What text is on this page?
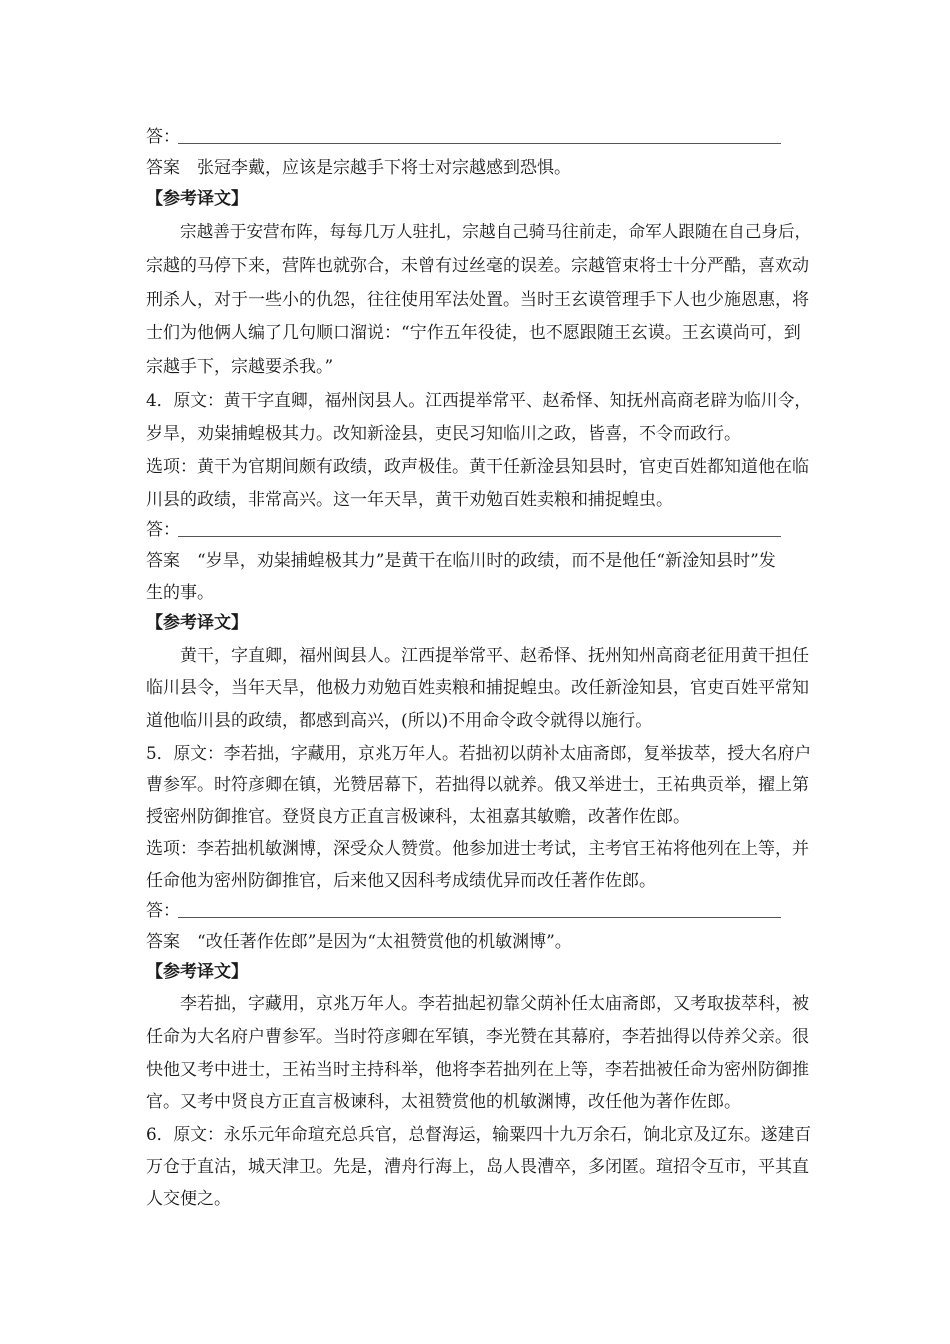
答：
答案　张冠李戴，应该是宗越手下将士对宗越感到恐惧。
【参考译文】
宗越善于安营布阵，每每几万人驻扎，宗越自己骑马往前走，命军人跟随在自己身后，
宗越的马停下来，营阵也就弥合，未曾有过丝毫的误差。宗越管束将士十分严酷，喜欢动
刑杀人，对于一些小的仇怨，往往使用军法处置。当时王玄谟管理手下人也少施恩惠，将
士们为他俩人编了几句顺口溜说：“宁作五年役徒，也不愿跟随王玄谟。王玄谟尚可，到
宗越手下，宗越要杀我。”
4．原文：黄干字直卿，福州闵县人。江西提举常平、赵希怿、知抚州高商老辟为临川令，
岁旱，劝粜捕蝗极其力。改知新淦县，吏民习知临川之政，皆喜，不令而政行。
选项：黄干为官期间颇有政绩，政声极佳。黄干任新淦县知县时，官吏百姓都知道他在临
川县的政绩，非常高兴。这一年天旱，黄干劝勉百姓卖粮和捕捉蝗虫。
答：
答案　“岁旱，劝粜捕蝗极其力”是黄干在临川时的政绩，而不是他任“新淦知县时”发
生的事。
【参考译文】
黄干，字直卿，福州闽县人。江西提举常平、赵希怿、抚州知州高商老征用黄干担任
临川县令，当年天旱，他极力劝勉百姓卖粮和捕捉蝗虫。改任新淦知县，官吏百姓平常知
道他临川县的政绩，都感到高兴，(所以)不用命令政令就得以施行。
5．原文：李若拙，字藏用，京兆万年人。若拙初以荫补太庙斋郎，复举拔萃，授大名府户
曹参军。时符彦卿在镇，光赞居幕下，若拙得以就养。俄又举进士，王祐典贡举，擢上第
授密州防御推官。登贤良方正直言极谏科，太祖嘉其敏赡，改著作佐郎。
选项：李若拙机敏渊博，深受众人赞赏。他参加进士考试，主考官王祐将他列在上等，并
任命他为密州防御推官，后来他又因科考成绩优异而改任著作佐郎。
答：
答案　“改任著作佐郎”是因为“太祖赞赏他的机敏渊博”。
【参考译文】
李若拙，字藏用，京兆万年人。李若拙起初靠父荫补任太庙斋郎，又考取拔萃科，被
任命为大名府户曹参军。当时符彦卿在军镇，李光赞在其幕府，李若拙得以侍养父亲。很
快他又考中进士，王祐当时主持科举，他将李若拙列在上等，李若拙被任命为密州防御推
官。又考中贤良方正直言极谏科，太祖赞赏他的机敏渊博，改任他为著作佐郎。
6．原文：永乐元年命瑄充总兵官，总督海运，输粟四十九万余石，饷北京及辽东。遂建百
万仓于直沽，城天津卫。先是，漕舟行海上，岛人畏漕卒，多闭匿。瑄招令互市，平其直
人交便之。
